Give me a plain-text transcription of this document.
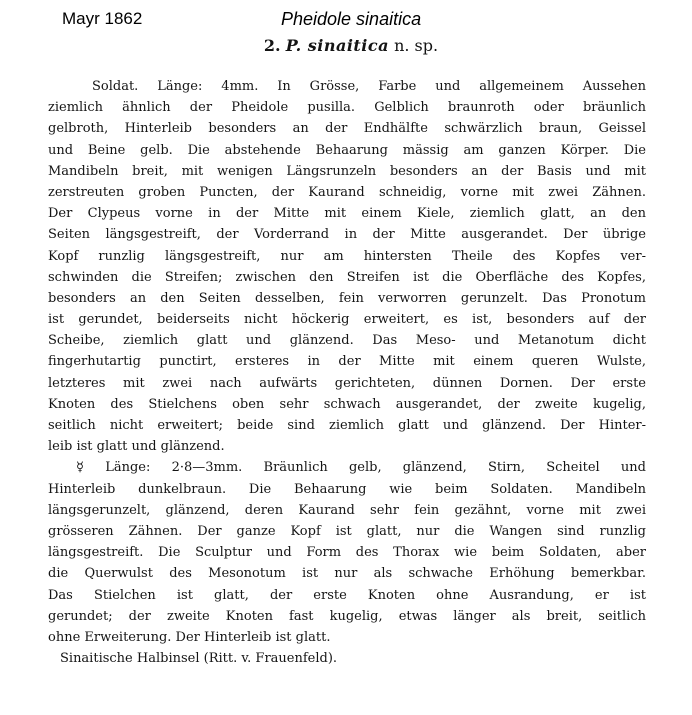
Mayr 1862	Pheidole sinaitica
2. P. sinaitica n. sp.
Soldat. Länge: 4mm. In Grösse, Farbe und allgemeinem Aussehen
ziemlich ähnlich der Pheidole pusilla. Gelblich braunroth oder bräunlich
gelbroth, Hinterleib besonders an der Endhälfte schwärzlich braun, Geissel
und Beine gelb. Die abstehende Behaarung mässig am ganzen Körper. Die
Mandibeln breit, mit wenigen Längsrunzeln besonders an der Basis und mit
zerstreuten groben Puncten, der Kaurand schneidig, vorne mit zwei Zähnen.
Der Clypeus vorne in der Mitte mit einem Kiele, ziemlich glatt, an den
Seiten längsgestreift, der Vorderrand in der Mitte ausgerandet. Der übrige
Kopf runzlig längsgestreift, nur am hintersten Theile des Kopfes ver-
schwinden die Streifen; zwischen den Streifen ist die Oberfläche des Kopfes,
besonders an den Seiten desselben, fein verworren gerunzelt. Das Pronotum
ist gerundet, beiderseits nicht höckerig erweitert, es ist, besonders auf der
Scheibe, ziemlich glatt und glänzend. Das Meso- und Metanotum dicht
fingerhutartig punctirt, ersteres in der Mitte mit einem queren Wulste,
letzteres mit zwei nach aufwärts gerichteten, dünnen Dornen. Der erste
Knoten des Stielchens oben sehr schwach ausgerandet, der zweite kugelig,
seitlich nicht erweitert; beide sind ziemlich glatt und glänzend. Der Hinter-
leib ist glatt und glänzend.
☿ Länge: 2·8—3mm. Bräunlich gelb, glänzend, Stirn, Scheitel und
Hinterleib dunkelbraun. Die Behaarung wie beim Soldaten. Mandibeln
längsgerunzelt, glänzend, deren Kaurand sehr fein gezähnt, vorne mit zwei
grösseren Zähnen. Der ganze Kopf ist glatt, nur die Wangen sind runzlig
längsgestreift. Die Sculptur und Form des Thorax wie beim Soldaten, aber
die Querwulst des Mesonotum ist nur als schwache Erhöhung bemerkbar.
Das Stielchen ist glatt, der erste Knoten ohne Ausrandung, er ist
gerundet; der zweite Knoten fast kugelig, etwas länger als breit, seitlich
ohne Erweiterung. Der Hinterleib ist glatt.
Sinaitische Halbinsel (Ritt. v. Frauenfeld).
